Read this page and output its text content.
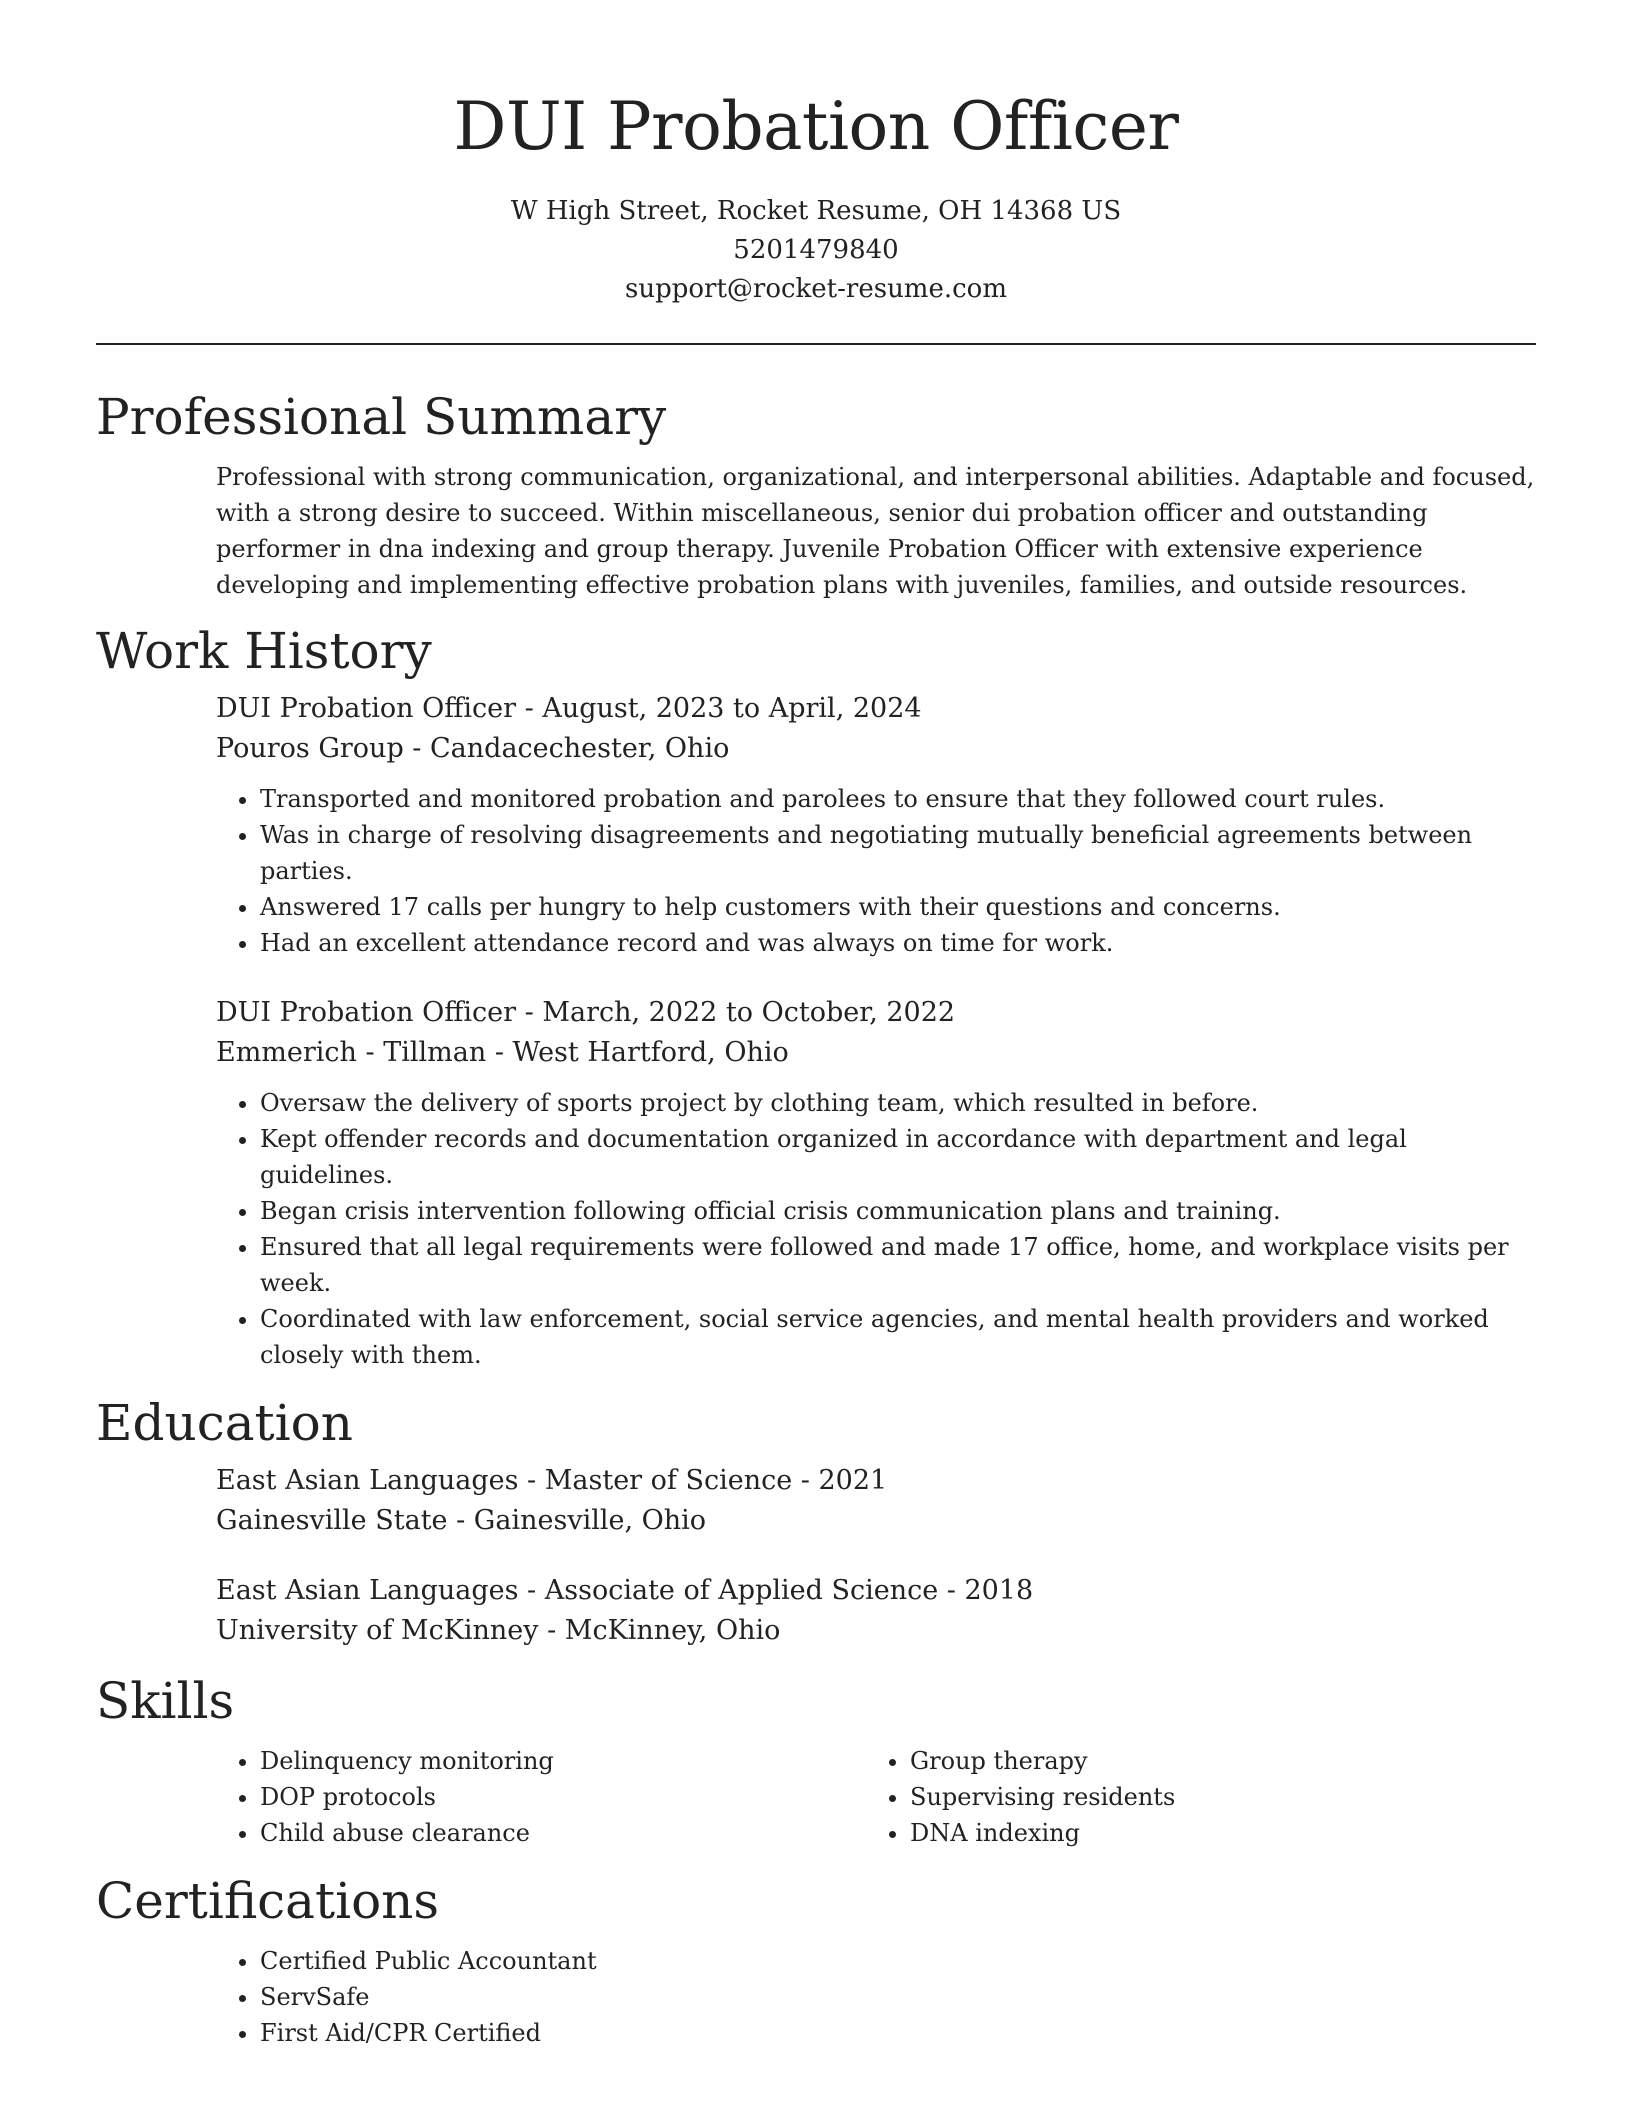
DUI Probation Officer

W High Street, Rocket Resume, OH 14368 US

5201479840

support@rocket-resume.com

Professional Summary

Professional with strong communication, organizational, and interpersonal abilities. Adaptable and focused, with a strong desire to succeed. Within miscellaneous, senior dui probation officer and outstanding performer in dna indexing and group therapy. Juvenile Probation Officer with extensive experience developing and implementing effective probation plans with juveniles, families, and outside resources.

Work History

DUI Probation Officer - August, 2023 to April, 2024

Pouros Group - Candacechester, Ohio

• Transported and monitored probation and parolees to ensure that they followed court rules.
• Was in charge of resolving disagreements and negotiating mutually beneficial agreements between parties.
• Answered 17 calls per hungry to help customers with their questions and concerns.
• Had an excellent attendance record and was always on time for work.

DUI Probation Officer - March, 2022 to October, 2022

Emmerich - Tillman - West Hartford, Ohio

• Oversaw the delivery of sports project by clothing team, which resulted in before.
• Kept offender records and documentation organized in accordance with department and legal guidelines.
• Began crisis intervention following official crisis communication plans and training.
• Ensured that all legal requirements were followed and made 17 office, home, and workplace visits per week.
• Coordinated with law enforcement, social service agencies, and mental health providers and worked closely with them.
Education

East Asian Languages - Master of Science - 2021

Gainesville State - Gainesville, Ohio

East Asian Languages - Associate of Applied Science - 2018

University of McKinney - McKinney, Ohio

Skills
• Delinquency monitoring
• DOP protocols
• Child abuse clearance
• Group therapy
• Supervising residents
• DNA indexing
Certifications
• Certified Public Accountant
• ServSafe
• First Aid/CPR Certified
